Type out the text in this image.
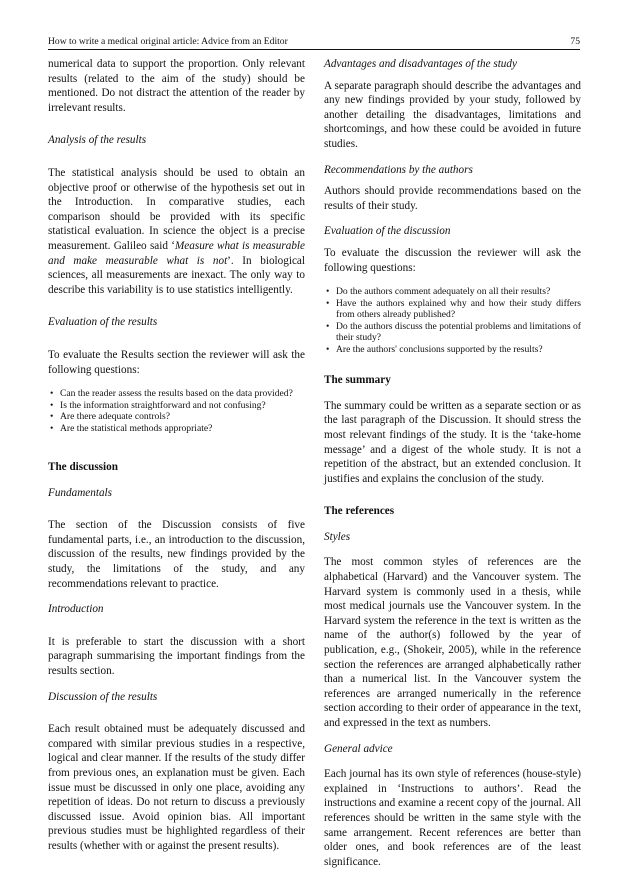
How to write a medical original article: Advice from an Editor	75

numerical data to support the proportion. Only relevant results (related to the aim of the study) should be mentioned. Do not distract the attention of the reader by irrelevant results.

Analysis of the results

The statistical analysis should be used to obtain an objective proof or otherwise of the hypothesis set out in the Introduction. In comparative studies, each comparison should be provided with its specific statistical evaluation. In science the object is a precise measurement. Galileo said ‘Measure what is measurable and make measurable what is not’. In biological sciences, all measurements are inexact. The only way to describe this variability is to use statistics intelligently.

Evaluation of the results

To evaluate the Results section the reviewer will ask the following questions:

• Can the reader assess the results based on the data provided?
• Is the information straightforward and not confusing?
• Are there adequate controls?
• Are the statistical methods appropriate?

The discussion

Fundamentals

The section of the Discussion consists of five fundamental parts, i.e., an introduction to the discussion, discussion of the results, new findings provided by the study, the limitations of the study, and any recommendations relevant to practice.

Introduction

It is preferable to start the discussion with a short paragraph summarising the important findings from the results section.

Discussion of the results

Each result obtained must be adequately discussed and compared with similar previous studies in a respective, logical and clear manner. If the results of the study differ from previous ones, an explanation must be given. Each issue must be discussed in only one place, avoiding any repetition of ideas. Do not return to discuss a previously discussed issue. Avoid opinion bias. All important previous studies must be highlighted regardless of their results (whether with or against the present results).

Advantages and disadvantages of the study

A separate paragraph should describe the advantages and any new findings provided by your study, followed by another detailing the disadvantages, limitations and shortcomings, and how these could be avoided in future studies.

Recommendations by the authors

Authors should provide recommendations based on the results of their study.

Evaluation of the discussion

To evaluate the discussion the reviewer will ask the following questions:

• Do the authors comment adequately on all their results?
• Have the authors explained why and how their study differs from others already published?
• Do the authors discuss the potential problems and limitations of their study?
• Are the authors' conclusions supported by the results?

The summary

The summary could be written as a separate section or as the last paragraph of the Discussion. It should stress the most relevant findings of the study. It is the ‘take-home message’ and a digest of the whole study. It is not a repetition of the abstract, but an extended conclusion. It justifies and explains the conclusion of the study.

The references

Styles

The most common styles of references are the alphabetical (Harvard) and the Vancouver system. The Harvard system is commonly used in a thesis, while most medical journals use the Vancouver system. In the Harvard system the reference in the text is written as the name of the author(s) followed by the year of publication, e.g., (Shokeir, 2005), while in the reference section the references are arranged alphabetically rather than a numerical list. In the Vancouver system the references are arranged numerically in the reference section according to their order of appearance in the text, and expressed in the text as numbers.

General advice

Each journal has its own style of references (house-style) explained in ‘Instructions to authors’. Read the instructions and examine a recent copy of the journal. All references should be written in the same style with the same arrangement. Recent references are better than older ones, and book references are of the least significance.
